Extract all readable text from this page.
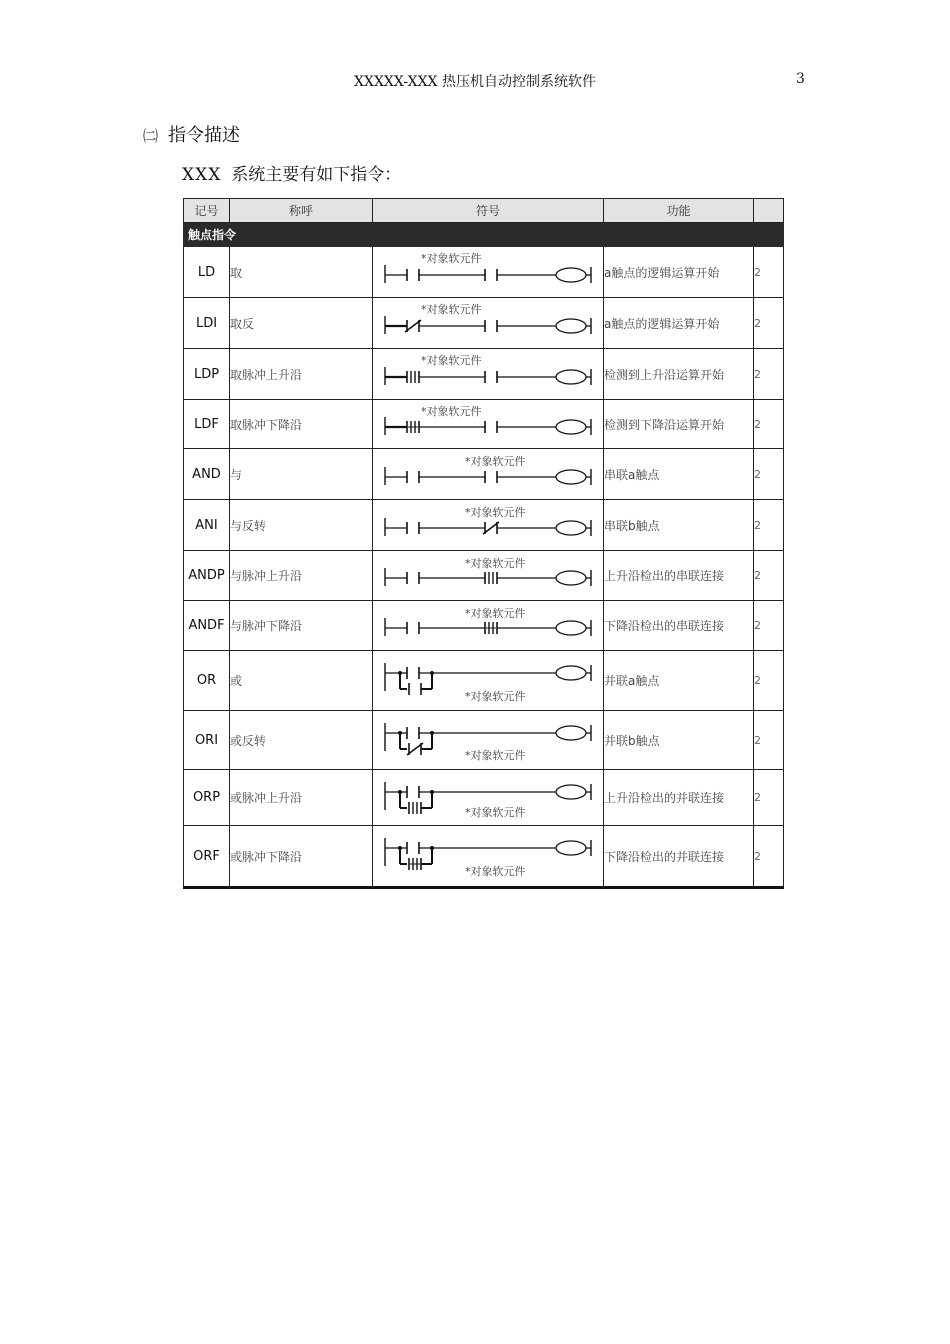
XXXXX-XXX 热压机自动控制系统软件	3
㈡ 指令描述
XXX 系统主要有如下指令：
记号	称呼	符号	功能	
触点指令				
LD	取	*对象软元件	a触点的逻辑运算开始	2
LDI	取反	*对象软元件	a触点的逻辑运算开始	2
LDP	取脉冲上升沿	*对象软元件	检测到上升沿运算开始	2
LDF	取脉冲下降沿	*对象软元件	检测到下降沿运算开始	2
AND	与	*对象软元件	串联a触点	2
ANI	与反转	*对象软元件	串联b触点	2
ANDP	与脉冲上升沿	*对象软元件	上升沿检出的串联连接	2
ANDF	与脉冲下降沿	*对象软元件	下降沿检出的串联连接	2
OR	或	*对象软元件	并联a触点	2
ORI	或反转	*对象软元件	并联b触点	2
ORP	或脉冲上升沿	*对象软元件	上升沿检出的并联连接	2
ORF	或脉冲下降沿	*对象软元件	下降沿检出的并联连接	2
